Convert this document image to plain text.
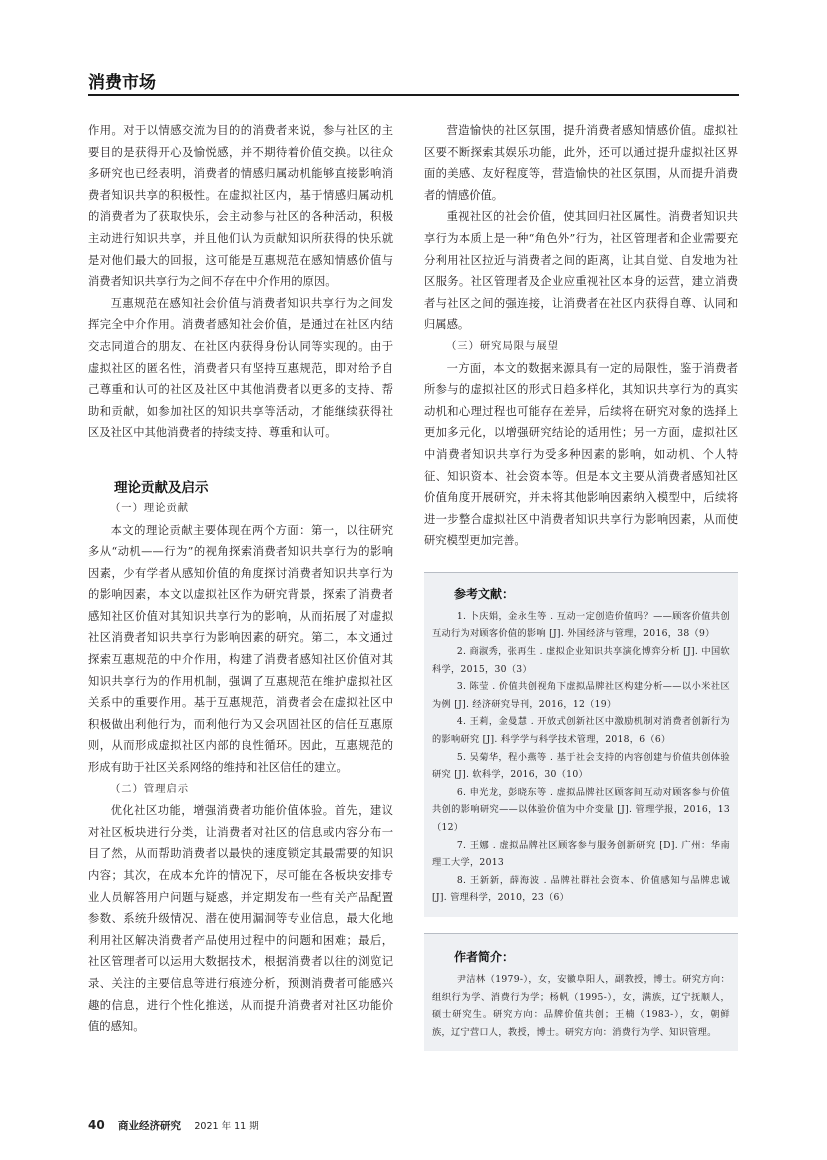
消费市场

作用。对于以情感交流为目的的消费者来说，参与社区的主要目的是获得开心及愉悦感，并不期待着价值交换。以往众多研究也已经表明，消费者的情感归属动机能够直接影响消费者知识共享的积极性。在虚拟社区内，基于情感归属动机的消费者为了获取快乐，会主动参与社区的各种活动，积极主动进行知识共享，并且他们认为贡献知识所获得的快乐就是对他们最大的回报，这可能是互惠规范在感知情感价值与消费者知识共享行为之间不存在中介作用的原因。

互惠规范在感知社会价值与消费者知识共享行为之间发挥完全中介作用。消费者感知社会价值，是通过在社区内结交志同道合的朋友、在社区内获得身份认同等实现的。由于虚拟社区的匿名性，消费者只有坚持互惠规范，即对给予自己尊重和认可的社区及社区中其他消费者以更多的支持、帮助和贡献，如参加社区的知识共享等活动，才能继续获得社区及社区中其他消费者的持续支持、尊重和认可。

理论贡献及启示
（一）理论贡献

本文的理论贡献主要体现在两个方面：第一，以往研究多从“动机——行为”的视角探索消费者知识共享行为的影响因素，少有学者从感知价值的角度探讨消费者知识共享行为的影响因素，本文以虚拟社区作为研究背景，探索了消费者感知社区价值对其知识共享行为的影响，从而拓展了对虚拟社区消费者知识共享行为影响因素的研究。第二，本文通过探索互惠规范的中介作用，构建了消费者感知社区价值对其知识共享行为的作用机制，强调了互惠规范在维护虚拟社区关系中的重要作用。基于互惠规范，消费者会在虚拟社区中积极做出利他行为，而利他行为又会巩固社区的信任互惠原则，从而形成虚拟社区内部的良性循环。因此，互惠规范的形成有助于社区关系网络的维持和社区信任的建立。

（二）管理启示

优化社区功能，增强消费者功能价值体验。首先，建议对社区板块进行分类，让消费者对社区的信息或内容分布一目了然，从而帮助消费者以最快的速度锁定其最需要的知识内容；其次，在成本允许的情况下，尽可能在各板块安排专业人员解答用户问题与疑惑，并定期发布一些有关产品配置参数、系统升级情况、潜在使用漏洞等专业信息，最大化地利用社区解决消费者产品使用过程中的问题和困难；最后，社区管理者可以运用大数据技术，根据消费者以往的浏览记录、关注的主要信息等进行痕迹分析，预测消费者可能感兴趣的信息，进行个性化推送，从而提升消费者对社区功能价值的感知。

营造愉快的社区氛围，提升消费者感知情感价值。虚拟社区要不断探索其娱乐功能，此外，还可以通过提升虚拟社区界面的美感、友好程度等，营造愉快的社区氛围，从而提升消费者的情感价值。

重视社区的社会价值，使其回归社区属性。消费者知识共享行为本质上是一种“角色外”行为，社区管理者和企业需要充分利用社区拉近与消费者之间的距离，让其自觉、自发地为社区服务。社区管理者及企业应重视社区本身的运营，建立消费者与社区之间的强连接，让消费者在社区内获得自尊、认同和归属感。

（三）研究局限与展望

一方面，本文的数据来源具有一定的局限性，鉴于消费者所参与的虚拟社区的形式日趋多样化，其知识共享行为的真实动机和心理过程也可能存在差异，后续将在研究对象的选择上更加多元化，以增强研究结论的适用性；另一方面，虚拟社区中消费者知识共享行为受多种因素的影响，如动机、个人特征、知识资本、社会资本等。但是本文主要从消费者感知社区价值角度开展研究，并未将其他影响因素纳入模型中，后续将进一步整合虚拟社区中消费者知识共享行为影响因素，从而使研究模型更加完善。

参考文献：

1. 卜庆娟，金永生等 . 互动一定创造价值吗？——顾客价值共创互动行为对顾客价值的影响 [J]. 外国经济与管理，2016，38（9）

2. 商淑秀，张再生 . 虚拟企业知识共享演化博弈分析 [J]. 中国软科学，2015，30（3）

3. 陈莹 . 价值共创视角下虚拟品牌社区构建分析——以小米社区为例 [J]. 经济研究导刊，2016，12（19）

4. 王莉，金曼慧 . 开放式创新社区中激励机制对消费者创新行为的影响研究 [J]. 科学学与科学技术管理，2018，6（6）

5. 吴菊华，程小燕等 . 基于社会支持的内容创建与价值共创体验研究 [J]. 软科学，2016，30（10）

6. 申光龙，彭晓东等 . 虚拟品牌社区顾客间互动对顾客参与价值共创的影响研究——以体验价值为中介变量 [J]. 管理学报，2016，13（12）

7. 王娜 . 虚拟品牌社区顾客参与服务创新研究 [D]. 广州：华南理工大学，2013

8. 王新新，薛海波 . 品牌社群社会资本、价值感知与品牌忠诚 [J]. 管理科学，2010，23（6）

作者简介：

尹洁林（1979-），女，安徽阜阳人，副教授，博士。研究方向：组织行为学、消费行为学；杨帆（1995-），女，满族，辽宁抚顺人，硕士研究生。研究方向：品牌价值共创；王楠（1983-），女，朝鲜族，辽宁营口人，教授，博士。研究方向：消费行为学、知识管理。

40 商业经济研究 2021 年 11 期
